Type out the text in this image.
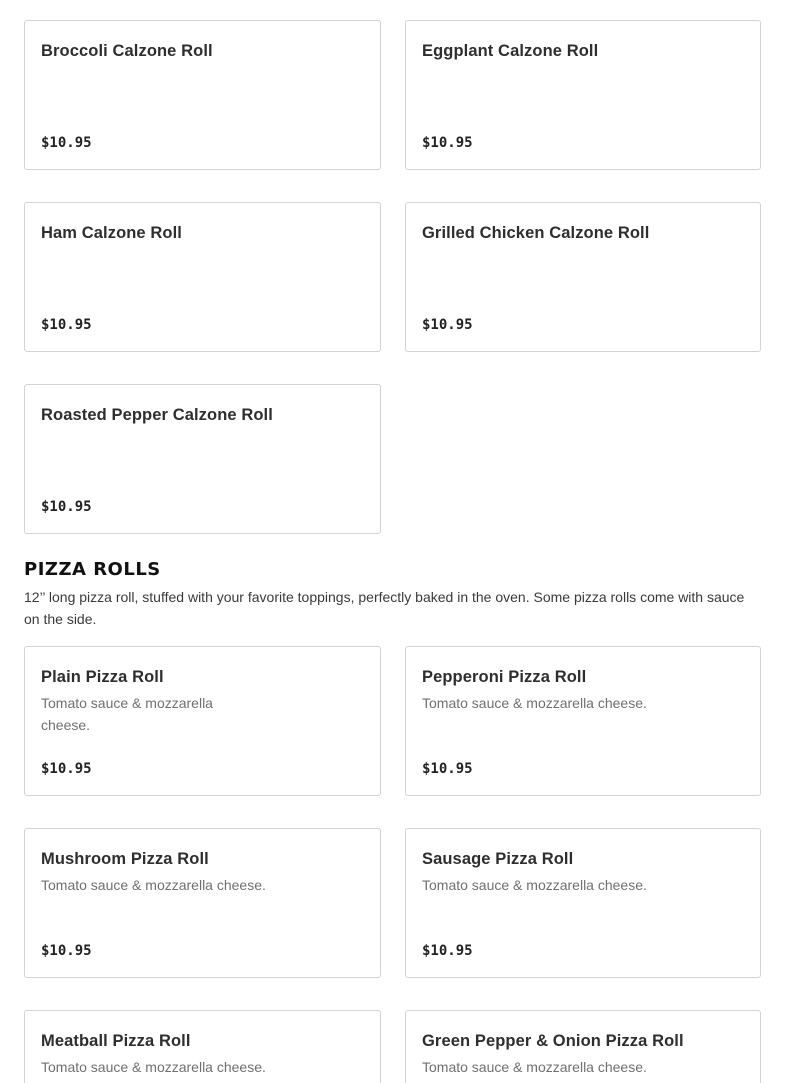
Broccoli Calzone Roll
$10.95
Eggplant Calzone Roll
$10.95
Ham Calzone Roll
$10.95
Grilled Chicken Calzone Roll
$10.95
Roasted Pepper Calzone Roll
$10.95
PIZZA ROLLS

12’’ long pizza roll, stuffed with your favorite toppings, perfectly baked in the oven. Some pizza rolls come with sauce on the side.

Plain Pizza Roll
Tomato sauce & mozzarella cheese.
$10.95
Pepperoni Pizza Roll
Tomato sauce & mozzarella cheese.
$10.95
Mushroom Pizza Roll
Tomato sauce & mozzarella cheese.
$10.95
Sausage Pizza Roll
Tomato sauce & mozzarella cheese.
$10.95
Meatball Pizza Roll
Tomato sauce & mozzarella cheese.
Green Pepper & Onion Pizza Roll
Tomato sauce & mozzarella cheese.
